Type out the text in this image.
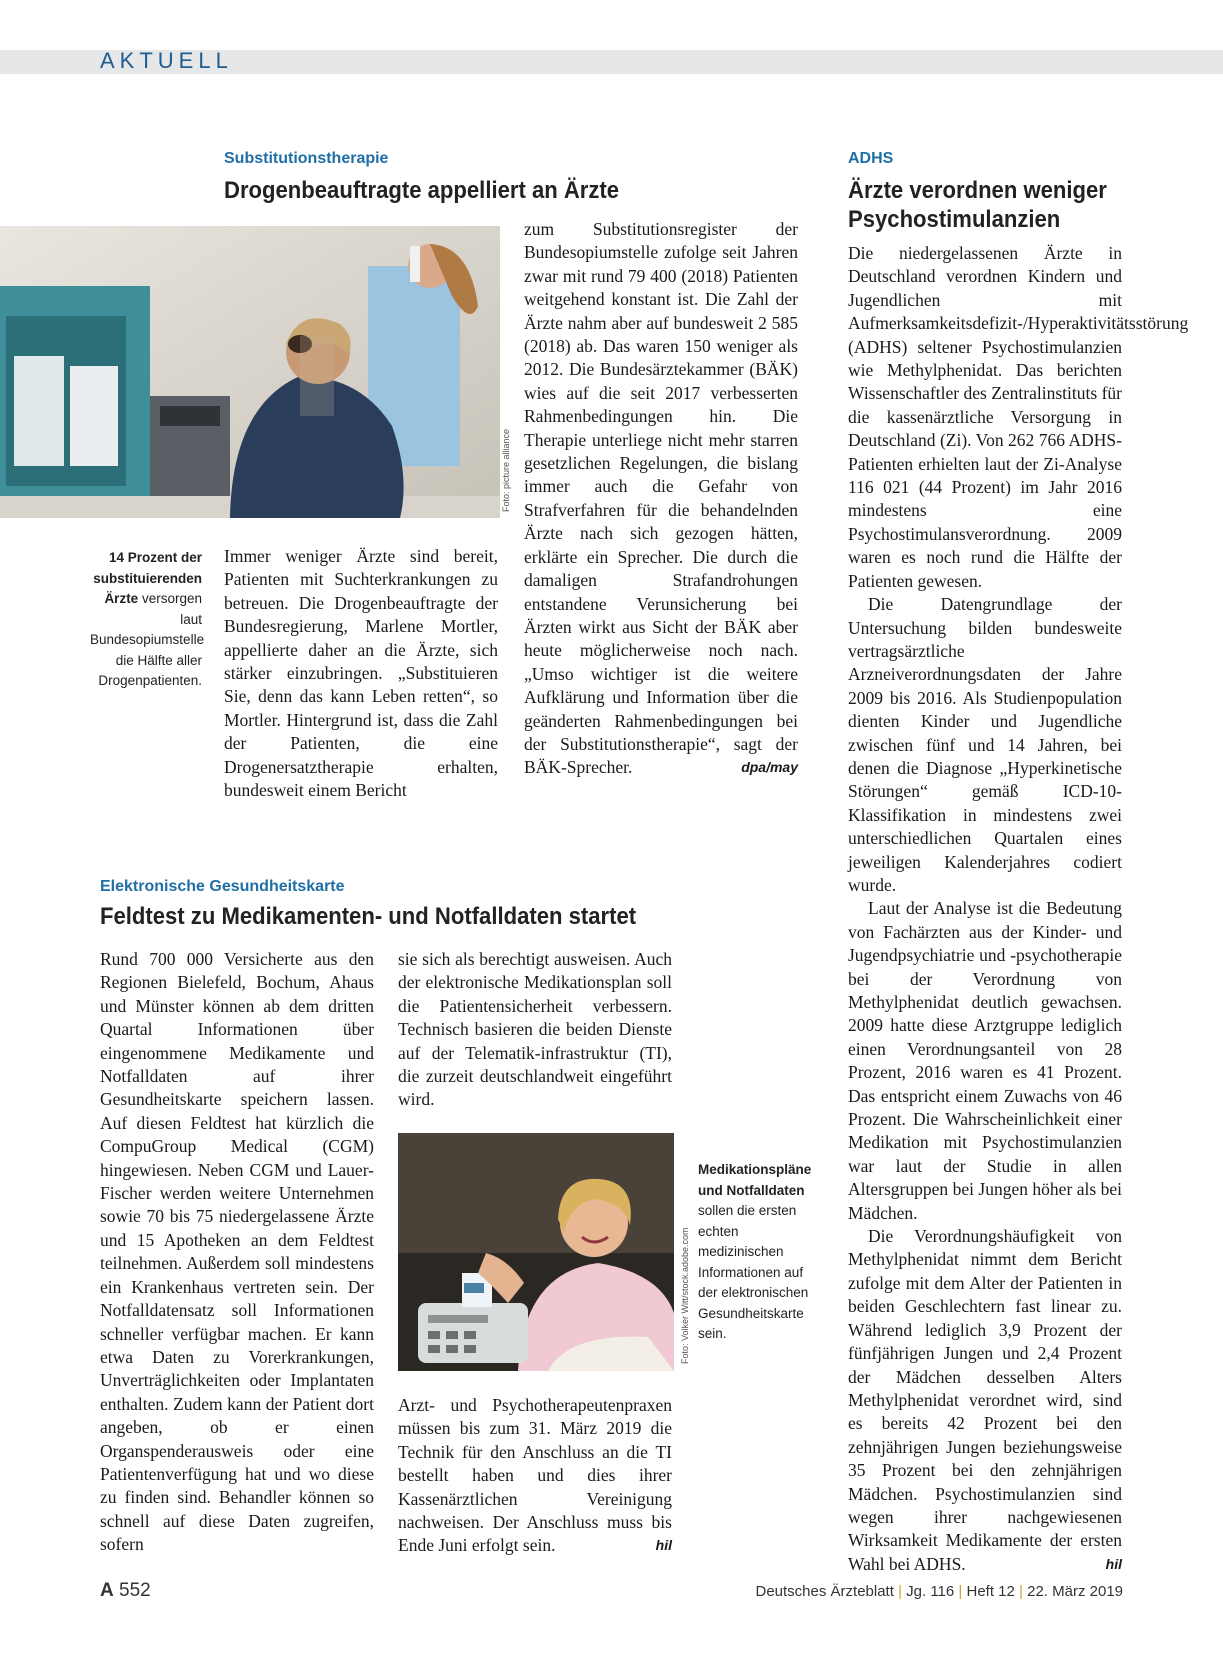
AKTUELL
Substitutionstherapie
Drogenbeauftragte appelliert an Ärzte
Foto: picture alliance
14 Prozent der substituierenden Ärzte versorgen laut Bundesopiumstelle die Hälfte aller Drogenpatienten.

Immer weniger Ärzte sind bereit, Patienten mit Suchterkrankungen zu betreuen. Die Drogenbeauftragte der Bundesregierung, Marlene Mortler, appellierte daher an die Ärzte, sich stärker einzubringen. „Substituieren Sie, denn das kann Leben retten“, so Mortler. Hintergrund ist, dass die Zahl der Patienten, die eine Drogenersatztherapie erhalten, bundesweit einem Bericht

zum Substitutionsregister der Bundesopiumstelle zufolge seit Jahren zwar mit rund 79 400 (2018) Patienten weitgehend konstant ist. Die Zahl der Ärzte nahm aber auf bundesweit 2 585 (2018) ab. Das waren 150 weniger als 2012. Die Bundesärztekammer (BÄK) wies auf die seit 2017 verbesserten Rahmenbedingungen hin. Die Therapie unterliege nicht mehr starren gesetzlichen Regelungen, die bislang immer auch die Gefahr von Strafverfahren für die behandelnden Ärzte nach sich gezogen hätten, erklärte ein Sprecher. Die durch die damaligen Strafandrohungen entstandene Verunsicherung bei Ärzten wirkt aus Sicht der BÄK aber heute möglicherweise noch nach. „Umso wichtiger ist die weitere Aufklärung und Information über die geänderten Rahmenbedingungen bei der Substitutionstherapie“, sagt der BÄK-Sprecher.	dpa/may

Elektronische Gesundheitskarte
Feldtest zu Medikamenten- und Notfalldaten startet

Rund 700 000 Versicherte aus den Regionen Bielefeld, Bochum, Ahaus und Münster können ab dem dritten Quartal Informationen über eingenommene Medikamente und Notfalldaten auf ihrer Gesundheitskarte speichern lassen. Auf diesen Feldtest hat kürzlich die CompuGroup Medical (CGM) hingewiesen. Neben CGM und Lauer-Fischer werden weitere Unternehmen sowie 70 bis 75 niedergelassene Ärzte und 15 Apotheken an dem Feldtest teilnehmen. Außerdem soll mindestens ein Krankenhaus vertreten sein. Der Notfalldatensatz soll Informationen schneller verfügbar machen. Er kann etwa Daten zu Vorerkrankungen, Unverträglichkeiten oder Implantaten enthalten. Zudem kann der Patient dort angeben, ob er einen Organspenderausweis oder eine Patientenverfügung hat und wo diese zu finden sind. Behandler können so schnell auf diese Daten zugreifen, sofern

sie sich als berechtigt ausweisen. Auch der elektronische Medikationsplan soll die Patientensicherheit verbessern. Technisch basieren die beiden Dienste auf der Telematik-infrastruktur (TI), die zurzeit deutschlandweit eingeführt wird.

Foto: Volker Witt/stock.adobe.com
Medikationspläne und Notfalldaten sollen die ersten echten medizinischen Informationen auf der elektronischen Gesundheitskarte sein.

Arzt- und Psychotherapeutenpraxen müssen bis zum 31. März 2019 die Technik für den Anschluss an die TI bestellt haben und dies ihrer Kassenärztlichen Vereinigung nachweisen. Der Anschluss muss bis Ende Juni erfolgt sein.	hil

ADHS
Ärzte verordnen weniger Psychostimulanzien

Die niedergelassenen Ärzte in Deutschland verordnen Kindern und Jugendlichen mit Aufmerksamkeitsdefizit-/Hyperaktivitätsstörung (ADHS) seltener Psychostimulanzien wie Methylphenidat. Das berichten Wissenschaftler des Zentralinstituts für die kassenärztliche Versorgung in Deutschland (Zi). Von 262 766 ADHS-Patienten erhielten laut der Zi-Analyse 116 021 (44 Prozent) im Jahr 2016 mindestens eine Psychostimulansverordnung. 2009 waren es noch rund die Hälfte der Patienten gewesen.

Die Datengrundlage der Untersuchung bilden bundesweite vertragsärztliche Arzneiverordnungsdaten der Jahre 2009 bis 2016. Als Studienpopulation dienten Kinder und Jugendliche zwischen fünf und 14 Jahren, bei denen die Diagnose „Hyperkinetische Störungen“ gemäß ICD-10-Klassifikation in mindestens zwei unterschiedlichen Quartalen eines jeweiligen Kalenderjahres codiert wurde.

Laut der Analyse ist die Bedeutung von Fachärzten aus der Kinder- und Jugendpsychiatrie und -psychotherapie bei der Verordnung von Methylphenidat deutlich gewachsen. 2009 hatte diese Arztgruppe lediglich einen Verordnungsanteil von 28 Prozent, 2016 waren es 41 Prozent. Das entspricht einem Zuwachs von 46 Prozent. Die Wahrscheinlichkeit einer Medikation mit Psychostimulanzien war laut der Studie in allen Altersgruppen bei Jungen höher als bei Mädchen.

Die Verordnungshäufigkeit von Methylphenidat nimmt dem Bericht zufolge mit dem Alter der Patienten in beiden Geschlechtern fast linear zu. Während lediglich 3,9 Prozent der fünfjährigen Jungen und 2,4 Prozent der Mädchen desselben Alters Methylphenidat verordnet wird, sind es bereits 42 Prozent bei den zehnjährigen Jungen beziehungsweise 35 Prozent bei den zehnjährigen Mädchen. Psychostimulanzien sind wegen ihrer nachgewiesenen Wirksamkeit Medikamente der ersten Wahl bei ADHS.	hil

A 552	Deutsches Ärzteblatt | Jg. 116 | Heft 12 | 22. März 2019
